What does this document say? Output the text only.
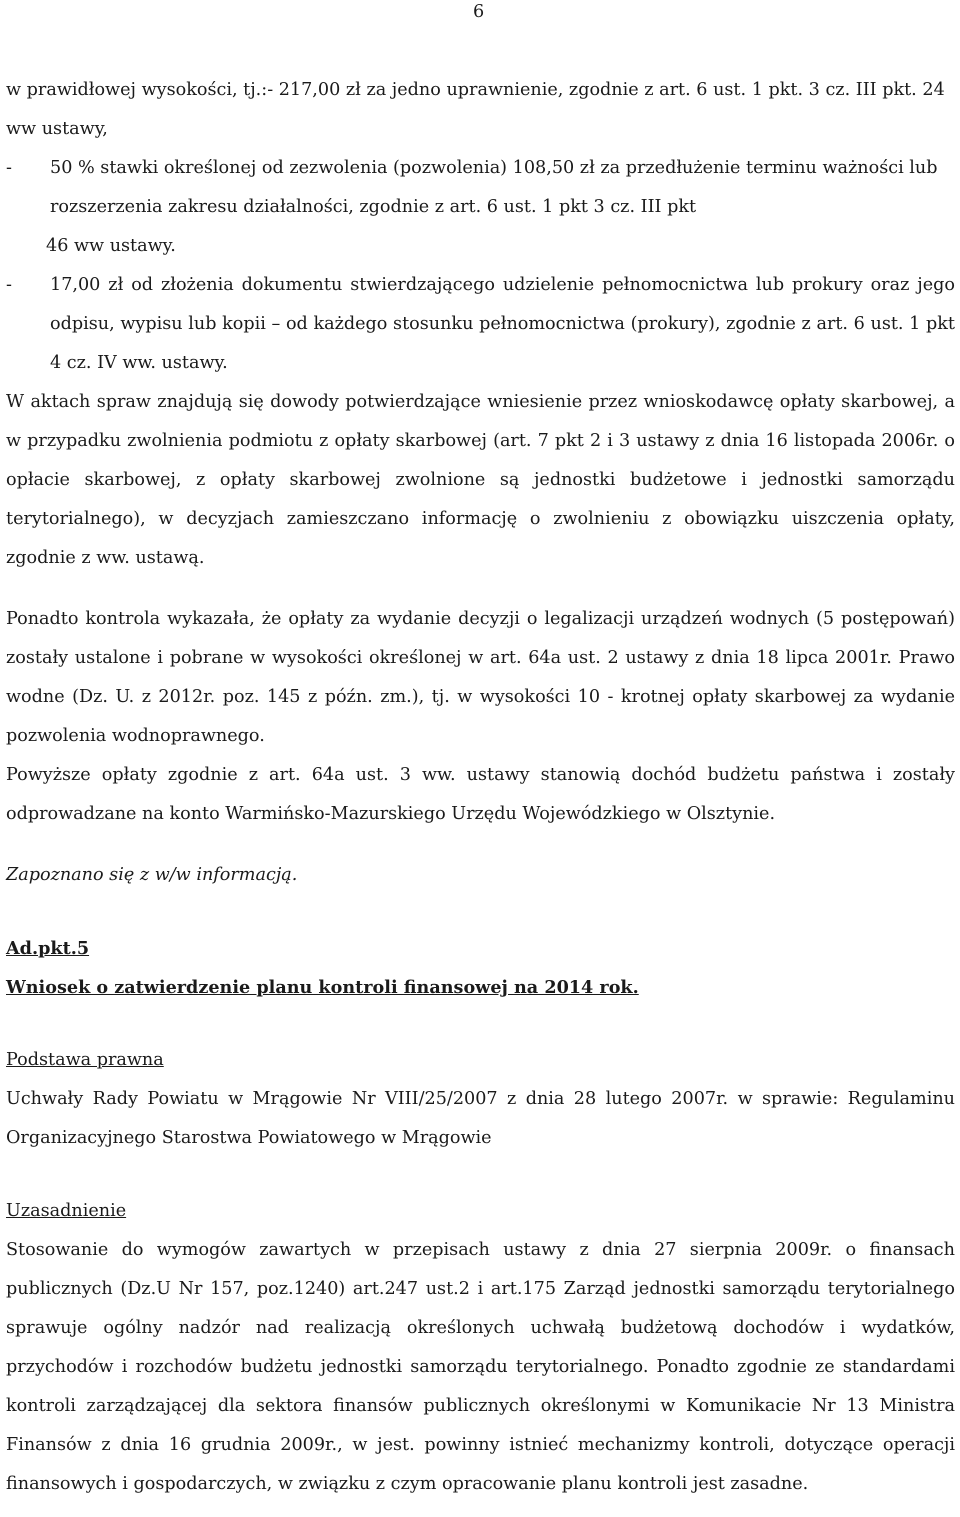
6

w prawidłowej wysokości, tj.:- 217,00 zł za jedno uprawnienie, zgodnie z art. 6 ust. 1 pkt. 3 cz. III pkt. 24

ww ustawy,

-	50 % stawki określonej od zezwolenia (pozwolenia) 108,50 zł za przedłużenie terminu ważności lub

rozszerzenia zakresu działalności, zgodnie z art. 6 ust. 1 pkt 3 cz. III pkt

46 ww ustawy.

-	17,00 zł od złożenia dokumentu stwierdzającego udzielenie pełnomocnictwa lub prokury oraz jego odpisu, wypisu lub kopii – od każdego stosunku pełnomocnictwa (prokury), zgodnie z art. 6 ust. 1 pkt 4 cz. IV ww. ustawy.

W aktach spraw znajdują się dowody potwierdzające wniesienie przez wnioskodawcę opłaty skarbowej, a w przypadku zwolnienia podmiotu z opłaty skarbowej (art. 7 pkt 2 i 3 ustawy z dnia 16 listopada 2006r. o opłacie skarbowej, z opłaty skarbowej zwolnione są jednostki budżetowe i jednostki samorządu terytorialnego), w decyzjach zamieszczano informację o zwolnieniu z obowiązku uiszczenia opłaty, zgodnie z ww. ustawą.

Ponadto kontrola wykazała, że opłaty za wydanie decyzji o legalizacji urządzeń wodnych (5 postępowań) zostały ustalone i pobrane w wysokości określonej w art. 64a ust. 2 ustawy z dnia 18 lipca 2001r. Prawo wodne (Dz. U. z 2012r. poz. 145 z późn. zm.), tj. w wysokości 10 - krotnej opłaty skarbowej za wydanie pozwolenia wodnoprawnego.

Powyższe opłaty zgodnie z art. 64a ust. 3 ww. ustawy stanowią dochód budżetu państwa i zostały odprowadzane na konto Warmińsko-Mazurskiego Urzędu Wojewódzkiego w Olsztynie.

Zapoznano się z w/w informacją.

Ad.pkt.5

Wniosek o zatwierdzenie planu kontroli finansowej na 2014 rok.

Podstawa prawna

Uchwały Rady Powiatu w Mrągowie Nr VIII/25/2007 z dnia 28 lutego 2007r. w sprawie: Regulaminu Organizacyjnego Starostwa Powiatowego w Mrągowie

Uzasadnienie

Stosowanie do wymogów zawartych w przepisach ustawy z dnia 27 sierpnia 2009r. o finansach publicznych (Dz.U Nr 157, poz.1240) art.247 ust.2 i art.175 Zarząd jednostki samorządu terytorialnego sprawuje ogólny nadzór nad realizacją określonych uchwałą budżetową dochodów i wydatków, przychodów i rozchodów budżetu jednostki samorządu terytorialnego. Ponadto zgodnie ze standardami kontroli zarządzającej dla sektora finansów publicznych określonymi w Komunikacie Nr 13 Ministra Finansów z dnia 16 grudnia 2009r., w jest. powinny istnieć mechanizmy kontroli, dotyczące operacji finansowych i gospodarczych, w związku z czym opracowanie planu kontroli jest zasadne.
